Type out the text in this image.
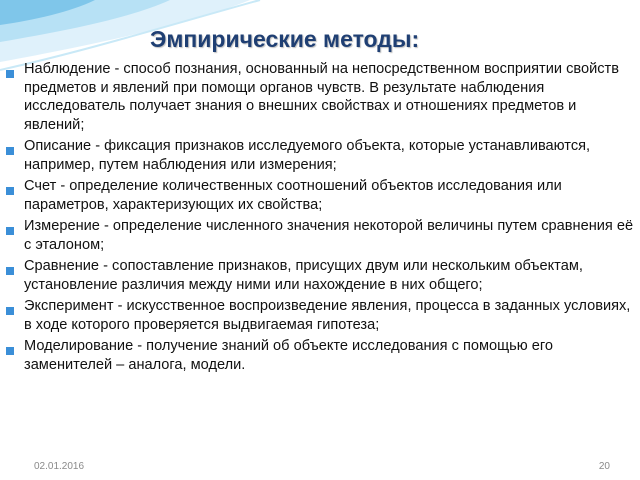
Эмпирические методы:
Наблюдение - способ познания, основанный на непосредственном восприятии свойств предметов и явлений при помощи органов чувств. В результате наблюдения исследователь получает знания о внешних свойствах и отношениях предметов и явлений;
Описание - фиксация признаков исследуемого объекта, которые устанавливаются, например, путем наблюдения или измерения;
Счет - определение количественных соотношений объектов исследования или параметров, характеризующих их свойства;
Измерение - определение численного значения некоторой величины путем сравнения её с эталоном;
Сравнение - сопоставление признаков, присущих двум или нескольким объектам, установление различия между ними или нахождение в них общего;
Эксперимент - искусственное воспроизведение явления, процесса в заданных условиях, в ходе которого проверяется выдвигаемая гипотеза;
Моделирование - получение знаний об объекте исследования с помощью его заменителей – аналога, модели.
02.01.2016	20
